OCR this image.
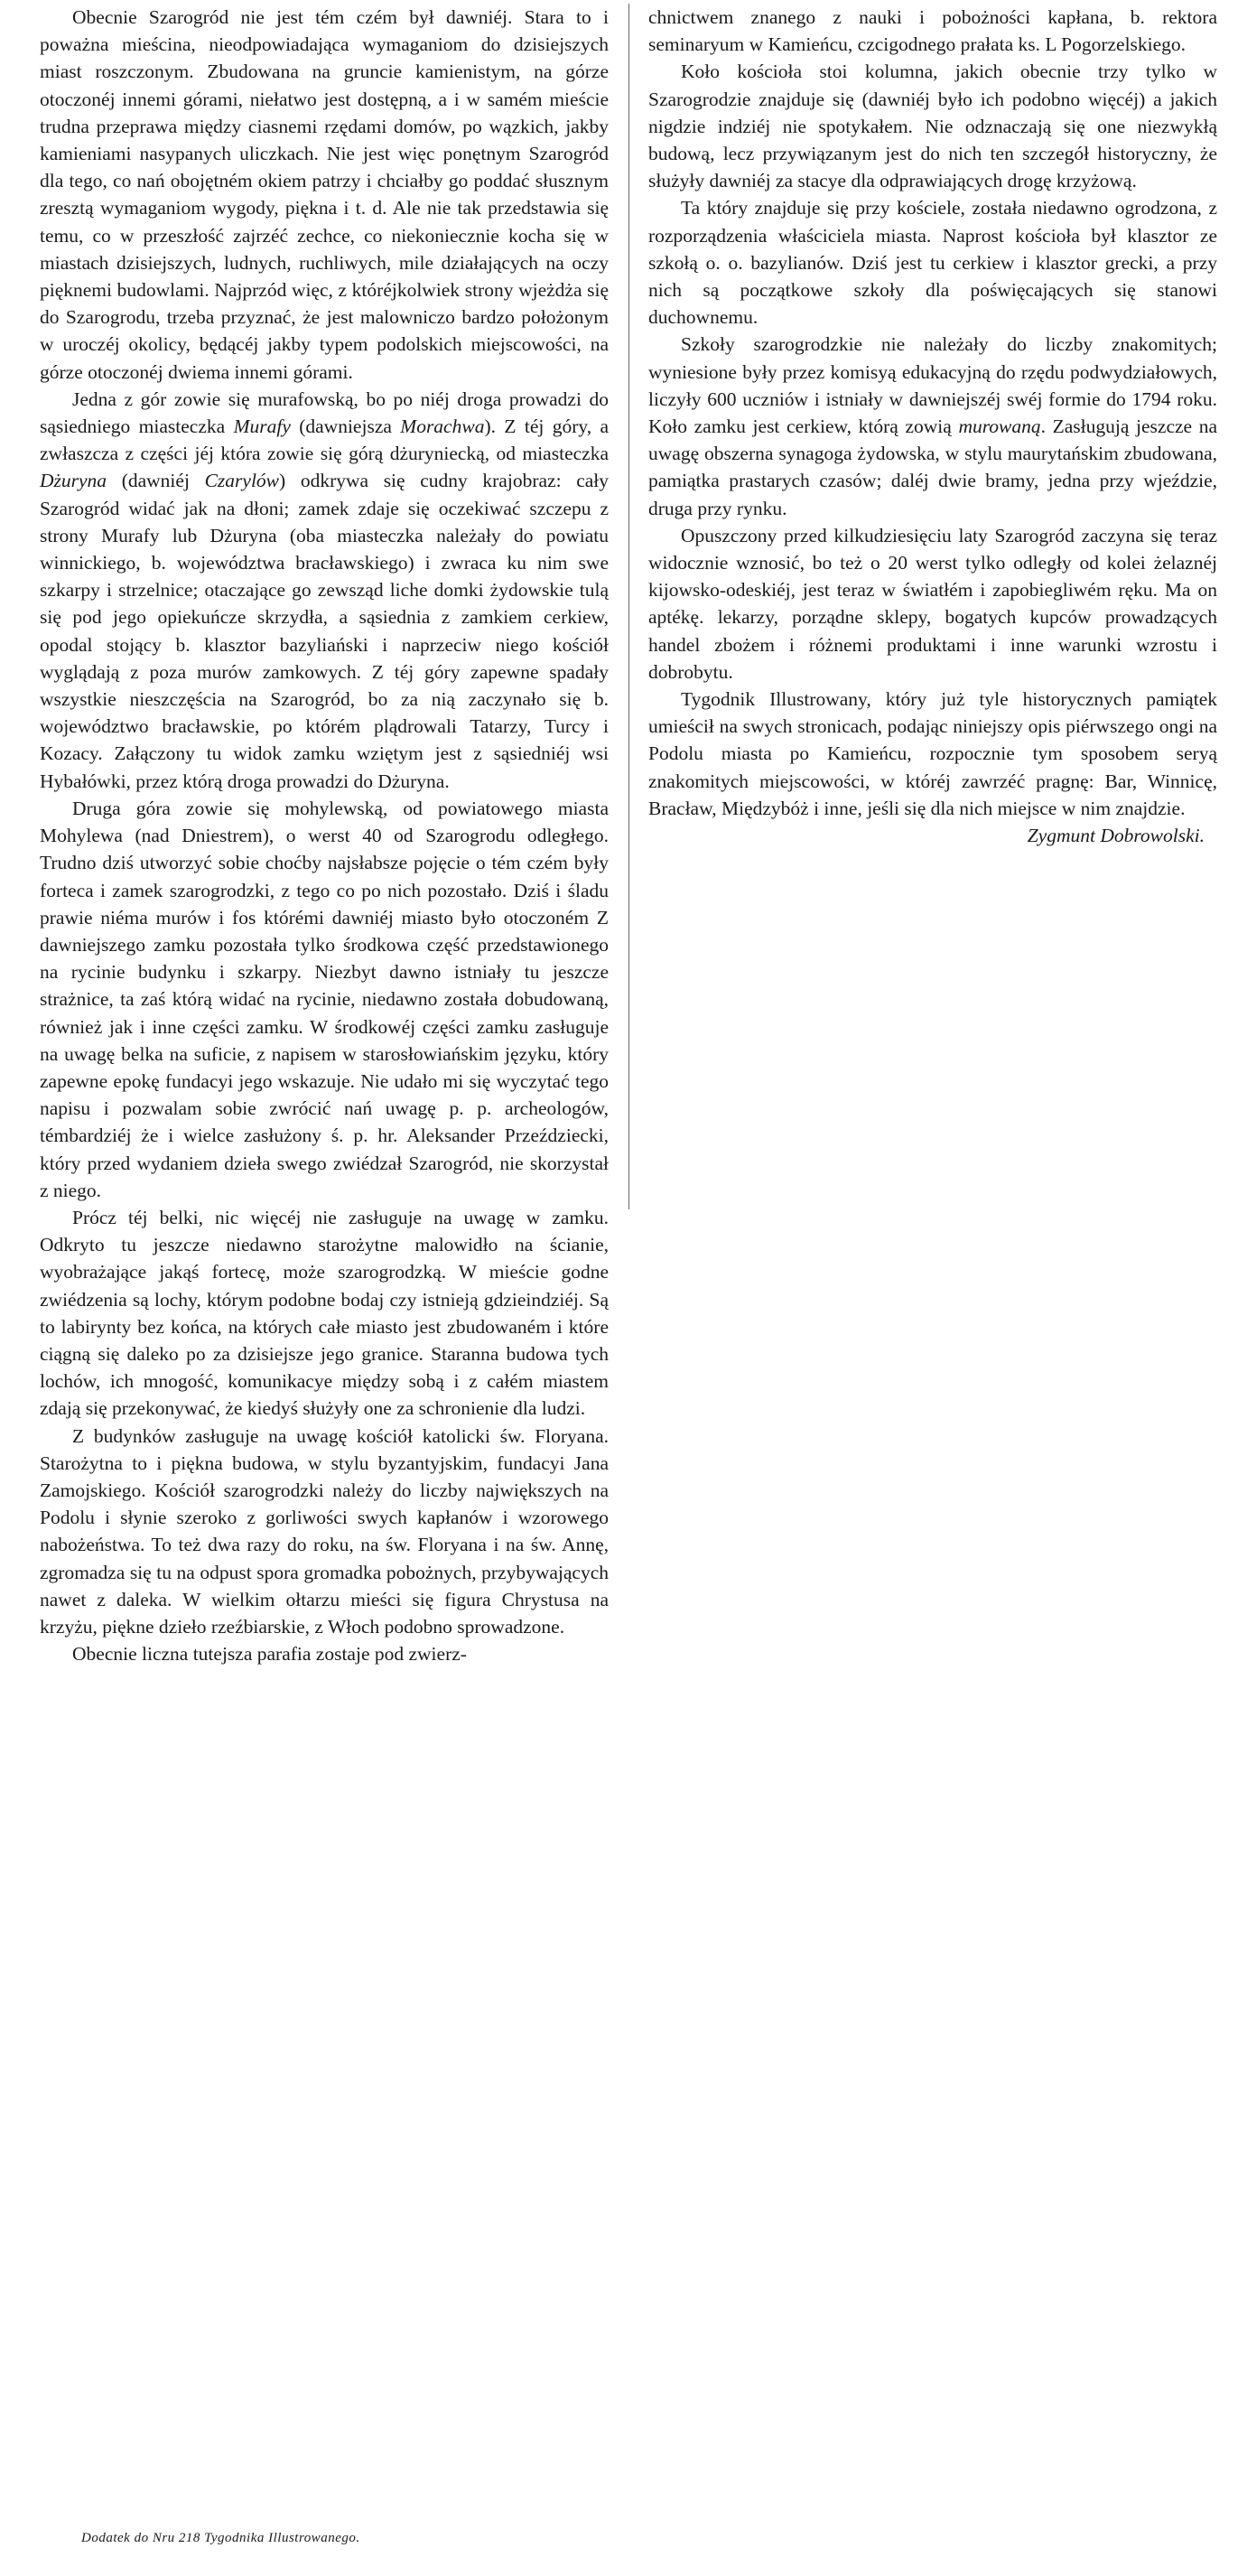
Obecnie Szarogród nie jest tém czém był dawniéj. Stara to i poważna mieścina, nieodpowiadająca wymaganiom do dzisiejszych miast roszczonym. Zbudowana na gruncie kamienistym, na górze otoczonéj innemi górami, niełatwo jest dostępną, a i w samém mieście trudna przeprawa między ciasnemi rzędami domów, po wązkich, jakby kamieniami nasypanych uliczkach. Nie jest więc ponętnym Szarogród dla tego, co nań obojętném okiem patrzy i chciałby go poddać słusznym zresztą wymaganiom wygody, piękna i t. d. Ale nie tak przedstawia się temu, co w przeszłość zajrzéć zechce, co niekoniecznie kocha się w miastach dzisiejszych, ludnych, ruchliwych, mile działających na oczy pięknemi budowlami. Najprzód więc, z któréjkolwiek strony wjeżdża się do Szarogrodu, trzeba przyznać, że jest malowniczo bardzo położonym w uroczéj okolicy, będącéj jakby typem podolskich miejscowości, na górze otoczonéj dwiema innemi górami.

Jedna z gór zowie się murafowską, bo po niéj droga prowadzi do sąsiedniego miasteczka Murafy (dawniejsza Morachwa). Z téj góry, a zwłaszcza z części jéj która zowie się górą dżuryniecką, od miasteczka Dżuryna (dawniéj Czarylów) odkrywa się cudny krajobraz: cały Szarogród widać jak na dłoni; zamek zdaje się oczekiwać szczepu z strony Murafy lub Dżuryna (oba miasteczka należały do powiatu winnickiego, b. województwa bracławskiego) i zwraca ku nim swe szkarpy i strzelnice; otaczające go zewsząd liche domki żydowskie tulą się pod jego opiekuńcze skrzydła, a sąsiednia z zamkiem cerkiew, opodal stojący b. klasztor bazyliański i naprzeciw niego kościół wyglądają z poza murów zamkowych. Z téj góry zapewne spadały wszystkie nieszczęścia na Szarogród, bo za nią zaczynało się b. województwo bracławskie, po którém plądrowali Tatarzy, Turcy i Kozacy. Załączony tu widok zamku wziętym jest z sąsiedniéj wsi Hybałówki, przez którą droga prowadzi do Dżuryna.

Druga góra zowie się mohylewską, od powiatowego miasta Mohylewa (nad Dniestrem), o werst 40 od Szarogrodu odległego. Trudno dziś utworzyć sobie choćby najsłabsze pojęcie o tém czém były forteca i zamek szarogrodzki, z tego co po nich pozostało. Dziś i śladu prawie niéma murów i fos którémi dawniéj miasto było otoczoném Z dawniejszego zamku pozostała tylko środkowa część przedstawionego na rycinie budynku i szkarpy. Niezbyt dawno istniały tu jeszcze strażnice, ta zaś którą widać na rycinie, niedawno została dobudowaną, również jak i inne części zamku. W środkowéj części zamku zasługuje na uwagę belka na suficie, z napisem w starosłowiańskim języku, który zapewne epokę fundacyi jego wskazuje. Nie udało mi się wyczytać tego napisu i pozwalam sobie zwrócić nań uwagę p. p. archeologów, témbardziéj że i wielce zasłużony ś. p. hr. Aleksander Przeździecki, który przed wydaniem dzieła swego zwiédzał Szarogród, nie skorzystał z niego.

Prócz téj belki, nic więcéj nie zasługuje na uwagę w zamku. Odkryto tu jeszcze niedawno starożytne malowidło na ścianie, wyobrażające jakąś fortecę, może szarogrodzką. W mieście godne zwiédzenia są lochy, którym podobne bodaj czy istnieją gdzieindziéj. Są to labirynty bez końca, na których całe miasto jest zbudowaném i które ciągną się daleko po za dzisiejsze jego granice. Staranna budowa tych lochów, ich mnogość, komunikacye między sobą i z całém miastem zdają się przekonywać, że kiedyś służyły one za schronienie dla ludzi.

Z budynków zasługuje na uwagę kościół katolicki św. Floryana. Starożytna to i piękna budowa, w stylu byzantyjskim, fundacyi Jana Zamojskiego. Kościół szarogrodzki należy do liczby największych na Podolu i słynie szeroko z gorliwości swych kapłanów i wzorowego nabożeństwa. To też dwa razy do roku, na św. Floryana i na św. Annę, zgromadza się tu na odpust spora gromadka pobożnych, przybywających nawet z daleka. W wielkim ołtarzu mieści się figura Chrystusa na krzyżu, piękne dzieło rzeźbiarskie, z Włoch podobno sprowadzone.

Obecnie liczna tutejsza parafia zostaje pod zwierz-

chnictwem znanego z nauki i pobożności kapłana, b. rektora seminaryum w Kamieńcu, czcigodnego prałata ks. L Pogorzelskiego.

Koło kościoła stoi kolumna, jakich obecnie trzy tylko w Szarogrodzie znajduje się (dawniéj było ich podobno więcéj) a jakich nigdzie indziéj nie spotykałem. Nie odznaczają się one niezwykłą budową, lecz przywiązanym jest do nich ten szczegół historyczny, że służyły dawniéj za stacye dla odprawiających drogę krzyżową.

Ta który znajduje się przy kościele, została niedawno ogrodzona, z rozporządzenia właściciela miasta. Naprost kościoła był klasztor ze szkołą o. o. bazylianów. Dziś jest tu cerkiew i klasztor grecki, a przy nich są początkowe szkoły dla poświęcających się stanowi duchownemu.

Szkoły szarogrodzkie nie należały do liczby znakomitych; wyniesione były przez komisyą edukacyjną do rzędu podwydziałowych, liczyły 600 uczniów i istniały w dawniejszéj swéj formie do 1794 roku. Koło zamku jest cerkiew, którą zowią murowaną. Zasługują jeszcze na uwagę obszerna synagoga żydowska, w stylu maurytańskim zbudowana, pamiątka prastarych czasów; daléj dwie bramy, jedna przy wjeździe, druga przy rynku.

Opuszczony przed kilkudziesięciu laty Szarogród zaczyna się teraz widocznie wznosić, bo też o 20 werst tylko odległy od kolei żelaznéj kijowsko-odeskiéj, jest teraz w światłém i zapobiegliwém ręku. Ma on aptékę. lekarzy, porządne sklepy, bogatych kupców prowadzących handel zbożem i różnemi produktami i inne warunki wzrostu i dobrobytu.

Tygodnik Illustrowany, który już tyle historycznych pamiątek umieścił na swych stronicach, podając niniejszy opis piérwszego ongi na Podolu miasta po Kamieńcu, rozpocznie tym sposobem seryą znakomitych miejscowości, w któréj zawrzéć pragnę: Bar, Winnicę, Bracław, Międzybóż i inne, jeśli się dla nich miejsce w nim znajdzie.

Zygmunt Dobrowolski.

Dodatek do Nru 218 Tygodnika Illustrowanego.
